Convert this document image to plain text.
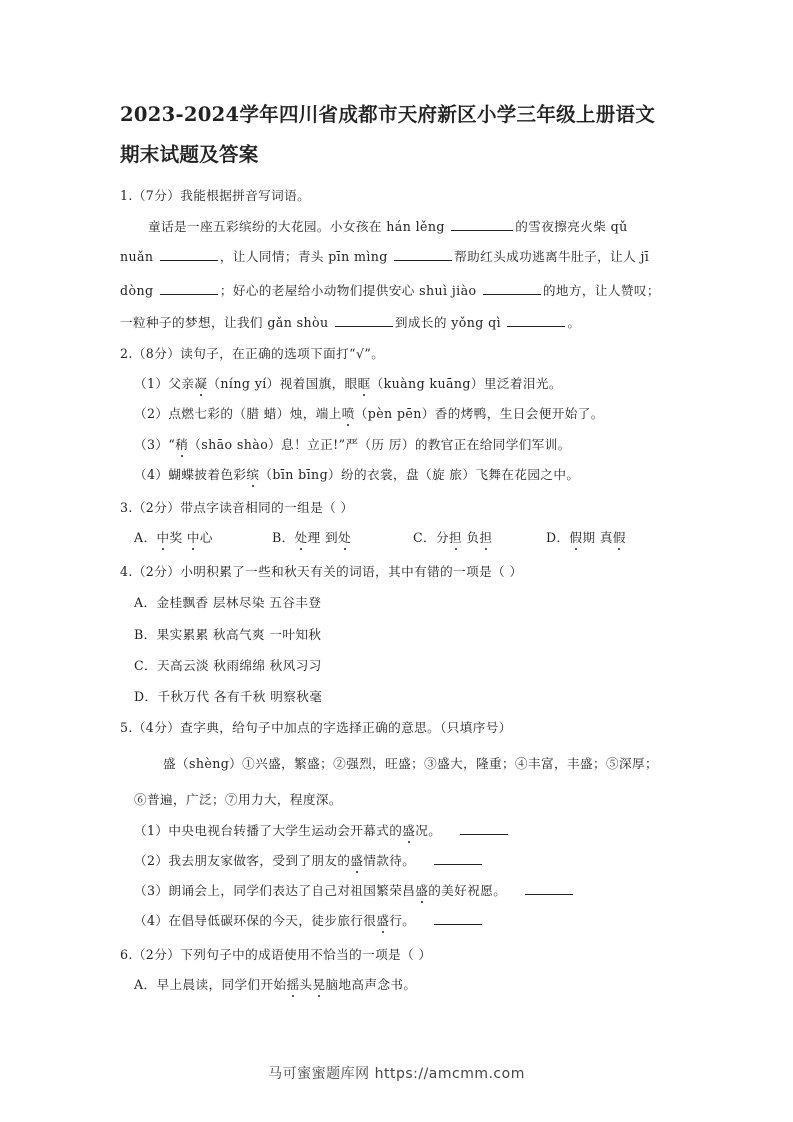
2023-2024学年四川省成都市天府新区小学三年级上册语文
期末试题及答案
1.（7分）我能根据拼音写词语。
童话是一座五彩缤纷的大花园。小女孩在 hán lěng	的雪夜擦亮火柴 qǔ
nuǎn	，让人同情；青头 pīn mìng	帮助红头成功逃离牛肚子，让人 jī
dòng	；好心的老屋给小动物们提供安心 shuì jiào	的地方，让人赞叹；
一粒种子的梦想，让我们 gǎn shòu	到成长的 yǒng qì	。
2.（8分）读句子，在正确的选项下面打“√”。
（1）父亲凝（níng yí）视着国旗，眼眶（kuàng kuāng）里泛着泪光。
（2）点燃七彩的（腊 蜡）烛，端上喷（pèn pēn）香的烤鸭，生日会便开始了。
（3）“稍（shāo shào）息！立正!”严（历 厉）的教官正在给同学们军训。
（4）蝴蝶披着色彩缤（bīn bīng）纷的衣裳，盘（旋 旅）飞舞在花园之中。
3.（2分）带点字读音相同的一组是（ ）
A．中奖 中心	B．处理 到处	C．分担 负担	D．假期 真假
4.（2分）小明积累了一些和秋天有关的词语，其中有错的一项是（ ）
A．金桂飘香 层林尽染 五谷丰登
B．果实累累 秋高气爽 一叶知秋
C．天高云淡 秋雨绵绵 秋风习习
D．千秋万代 各有千秋 明察秋毫
5.（4分）查字典，给句子中加点的字选择正确的意思。（只填序号）
盛（shèng）①兴盛，繁盛；②强烈，旺盛；③盛大，隆重；④丰富，丰盛；⑤深厚；
⑥普遍，广泛；⑦用力大，程度深。
（1）中央电视台转播了大学生运动会开幕式的盛况。
（2）我去朋友家做客，受到了朋友的盛情款待。
（3）朗诵会上，同学们表达了自己对祖国繁荣昌盛的美好祝愿。
（4）在倡导低碳环保的今天，徒步旅行很盛行。
6.（2分）下列句子中的成语使用不恰当的一项是（ ）
A．早上晨读，同学们开始摇头晃脑地高声念书。
马可蜜蜜题库网 https://amcmm.com
